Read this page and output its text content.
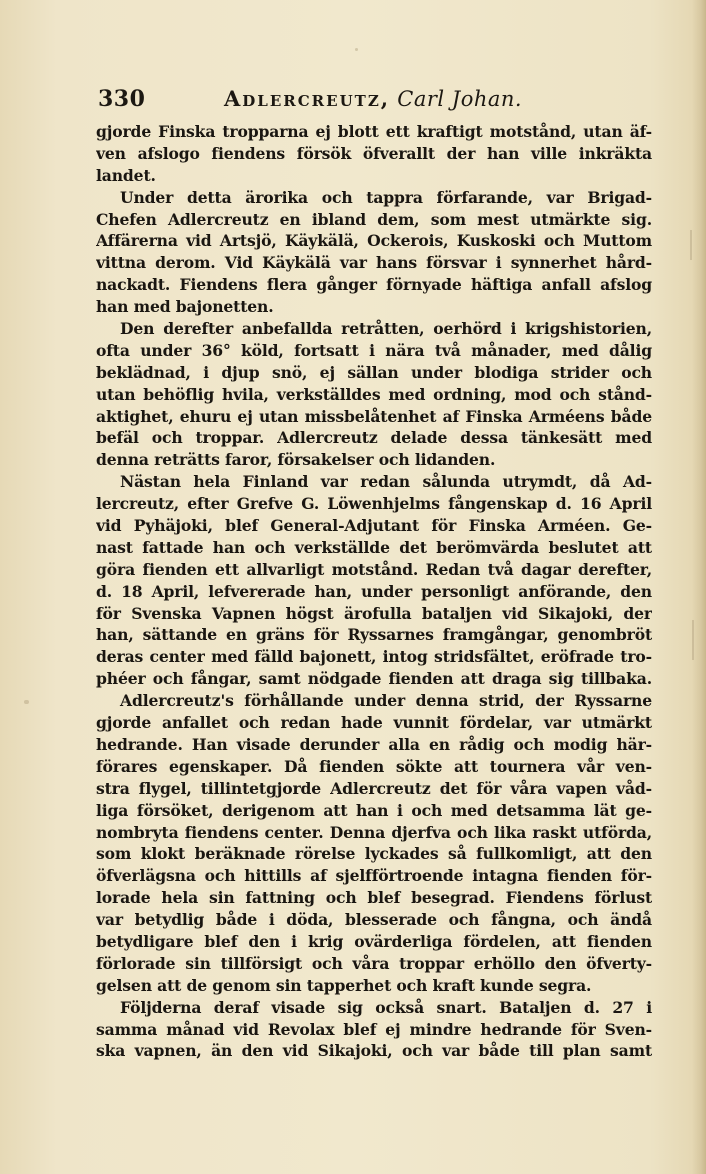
330	Adlercreutz, Carl Johan.
gjorde Finska tropparna ej blott ett kraftigt motstånd, utan äf-
ven afslogo fiendens försök öfverallt der han ville inkräkta
landet.
Under detta ärorika och tappra förfarande, var Brigad-
Chefen Adlercreutz en ibland dem, som mest utmärkte sig.
Affärerna vid Artsjö, Käykälä, Ockerois, Kuskoski och Muttom
vittna derom. Vid Käykälä var hans försvar i synnerhet hård-
nackadt. Fiendens flera gånger förnyade häftiga anfall afslog
han med bajonetten.
Den derefter anbefallda retråtten, oerhörd i krigshistorien,
ofta under 36° köld, fortsatt i nära två månader, med dålig
beklädnad, i djup snö, ej sällan under blodiga strider och
utan behöflig hvila, verkställdes med ordning, mod och stånd-
aktighet, ehuru ej utan missbelåtenhet af Finska Arméens både
befäl och troppar. Adlercreutz delade dessa tänkesätt med
denna reträtts faror, försakelser och lidanden.
Nästan hela Finland var redan sålunda utrymdt, då Ad-
lercreutz, efter Grefve G. Löwenhjelms fångenskap d. 16 April
vid Pyhäjoki, blef General-Adjutant för Finska Arméen. Ge-
nast fattade han och verkställde det berömvärda beslutet att
göra fienden ett allvarligt motstånd. Redan två dagar derefter,
d. 18 April, lefvererade han, under personligt anförande, den
för Svenska Vapnen högst ärofulla bataljen vid Sikajoki, der
han, sättande en gräns för Ryssarnes framgångar, genombröt
deras center med fälld bajonett, intog stridsfältet, eröfrade tro-
phéer och fångar, samt nödgade fienden att draga sig tillbaka.
Adlercreutz's förhållande under denna strid, der Ryssarne
gjorde anfallet och redan hade vunnit fördelar, var utmärkt
hedrande. Han visade derunder alla en rådig och modig här-
förares egenskaper. Då fienden sökte att tournera vår ven-
stra flygel, tillintetgjorde Adlercreutz det för våra vapen våd-
liga försöket, derigenom att han i och med detsamma lät ge-
nombryta fiendens center. Denna djerfva och lika raskt utförda,
som klokt beräknade rörelse lyckades så fullkomligt, att den
öfverlägsna och hittills af sjelfförtroende intagna fienden för-
lorade hela sin fattning och blef besegrad. Fiendens förlust
var betydlig både i döda, blesserade och fångna, och ändå
betydligare blef den i krig ovärderliga fördelen, att fienden
förlorade sin tillförsigt och våra troppar erhöllo den öfverty-
gelsen att de genom sin tapperhet och kraft kunde segra.
Följderna deraf visade sig också snart. Bataljen d. 27 i
samma månad vid Revolax blef ej mindre hedrande för Sven-
ska vapnen, än den vid Sikajoki, och var både till plan samt
